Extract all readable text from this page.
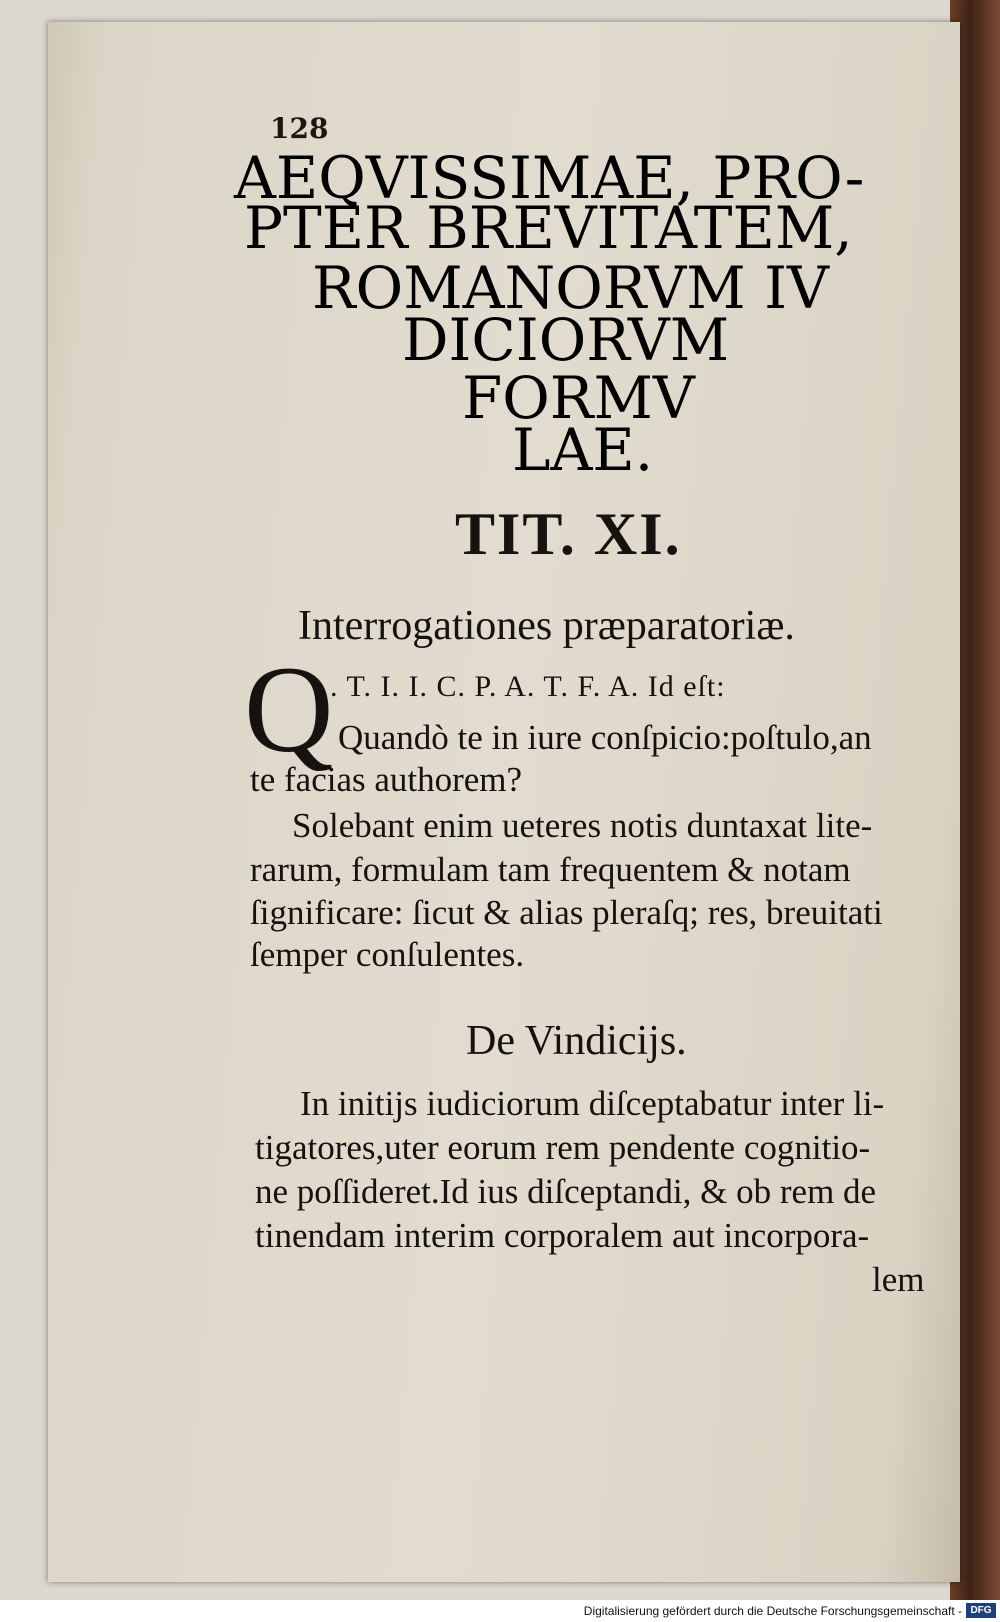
128
AEQVISSIMAE, PRO-
PTER BREVITATEM,
ROMANORVM IV
DICIORVM
FORMV
LAE.
TIT. XI.
Interrogationes præparatoriæ.
Q
. T. I. I. C. P. A. T. F. A. Id eſt:
Quandò te in iure conſpicio:poſtulo,an
te facias authorem?
Solebant enim ueteres notis duntaxat lite-
rarum, formulam tam frequentem & notam
ſignificare: ſicut & alias pleraſq; res, breuitati
ſemper conſulentes.
De Vindicijs.
In initijs iudiciorum diſceptabatur inter li-
tigatores,uter eorum rem pendente cognitio-
ne poſſideret.Id ius diſceptandi, & ob rem de
tinendam interim corporalem aut incorpora-
lem
Digitalisierung gefördert durch die Deutsche Forschungsgemeinschaft - DFG
